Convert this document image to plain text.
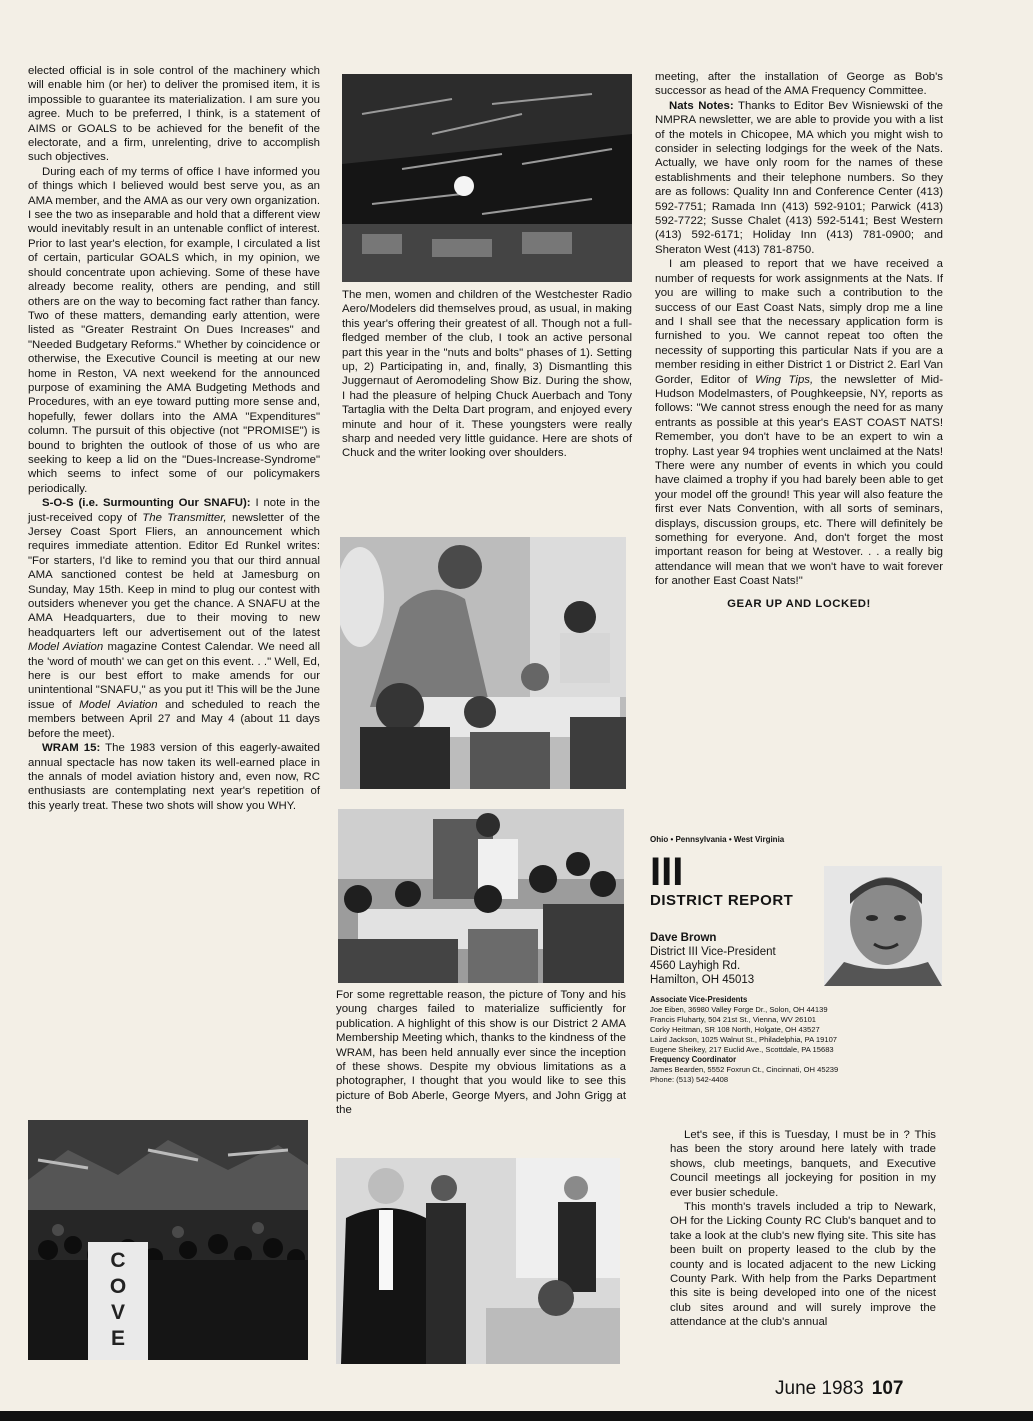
elected official is in sole control of the machinery which will enable him (or her) to deliver the promised item, it is impossible to guarantee its materialization. I am sure you agree. Much to be preferred, I think, is a statement of AIMS or GOALS to be achieved for the benefit of the electorate, and a firm, unrelenting, drive to accomplish such objectives.

During each of my terms of office I have informed you of things which I believed would best serve you, as an AMA member, and the AMA as our very own organization. I see the two as inseparable and hold that a different view would inevitably result in an untenable conflict of interest. Prior to last year's election, for example, I circulated a list of certain, particular GOALS which, in my opinion, we should concentrate upon achieving. Some of these have already become reality, others are pending, and still others are on the way to becoming fact rather than fancy. Two of these matters, demanding early attention, were listed as "Greater Restraint On Dues Increases" and "Needed Budgetary Reforms." Whether by coincidence or otherwise, the Executive Council is meeting at our new home in Reston, VA next weekend for the announced purpose of examining the AMA Budgeting Methods and Procedures, with an eye toward putting more sense and, hopefully, fewer dollars into the AMA "Expenditures" column. The pursuit of this objective (not "PROMISE") is bound to brighten the outlook of those of us who are seeking to keep a lid on the "Dues-Increase-Syndrome" which seems to infect some of our policymakers periodically.

S-O-S (i.e. Surmounting Our SNAFU): I note in the just-received copy of The Transmitter, newsletter of the Jersey Coast Sport Fliers, an announcement which requires immediate attention. Editor Ed Runkel writes: "For starters, I'd like to remind you that our third annual AMA sanctioned contest be held at Jamesburg on Sunday, May 15th. Keep in mind to plug our contest with outsiders whenever you get the chance. A SNAFU at the AMA Headquarters, due to their moving to new headquarters left our advertisement out of the latest Model Aviation magazine Contest Calendar. We need all the 'word of mouth' we can get on this event. . ." Well, Ed, here is our best effort to make amends for our unintentional "SNAFU," as you put it! This will be the June issue of Model Aviation and scheduled to reach the members between April 27 and May 4 (about 11 days before the meet).

WRAM 15: The 1983 version of this eagerly-awaited annual spectacle has now taken its well-earned place in the annals of model aviation history and, even now, RC enthusiasts are contemplating next year's repetition of this yearly treat. These two shots will show you WHY.

C
O
V
E
The men, women and children of the Westchester Radio Aero/Modelers did themselves proud, as usual, in making this year's offering their greatest of all. Though not a full-fledged member of the club, I took an active personal part this year in the "nuts and bolts" phases of 1). Setting up, 2) Participating in, and, finally, 3) Dismantling this Juggernaut of Aeromodeling Show Biz. During the show, I had the pleasure of helping Chuck Auerbach and Tony Tartaglia with the Delta Dart program, and enjoyed every minute and hour of it. These youngsters were really sharp and needed very little guidance. Here are shots of Chuck and the writer looking over shoulders.
For some regrettable reason, the picture of Tony and his young charges failed to materialize sufficiently for publication. A highlight of this show is our District 2 AMA Membership Meeting which, thanks to the kindness of the WRAM, has been held annually ever since the inception of these shows. Despite my obvious limitations as a photographer, I thought that you would like to see this picture of Bob Aberle, George Myers, and John Grigg at the

meeting, after the installation of George as Bob's successor as head of the AMA Frequency Committee.

Nats Notes: Thanks to Editor Bev Wisniewski of the NMPRA newsletter, we are able to provide you with a list of the motels in Chicopee, MA which you might wish to consider in selecting lodgings for the week of the Nats. Actually, we have only room for the names of these establishments and their telephone numbers. So they are as follows: Quality Inn and Conference Center (413) 592-7751; Ramada Inn (413) 592-9101; Parwick (413) 592-7722; Susse Chalet (413) 592-5141; Best Western (413) 592-6171; Holiday Inn (413) 781-0900; and Sheraton West (413) 781-8750.

I am pleased to report that we have received a number of requests for work assignments at the Nats. If you are willing to make such a contribution to the success of our East Coast Nats, simply drop me a line and I shall see that the necessary application form is furnished to you. We cannot repeat too often the necessity of supporting this particular Nats if you are a member residing in either District 1 or District 2. Earl Van Gorder, Editor of Wing Tips, the newsletter of Mid-Hudson Modelmasters, of Poughkeepsie, NY, reports as follows: "We cannot stress enough the need for as many entrants as possible at this year's EAST COAST NATS! Remember, you don't have to be an expert to win a trophy. Last year 94 trophies went unclaimed at the Nats! There were any number of events in which you could have claimed a trophy if you had barely been able to get your model off the ground! This year will also feature the first ever Nats Convention, with all sorts of seminars, displays, discussion groups, etc. There will definitely be something for everyone. And, don't forget the most important reason for being at Westover. . . a really big attendance will mean that we won't have to wait forever for another East Coast Nats!"

GEAR UP AND LOCKED!
Ohio • Pennsylvania • West Virginia
III
DISTRICT REPORT
Dave Brown
District III Vice-President
4560 Layhigh Rd.
Hamilton, OH 45013
Associate Vice-Presidents
Joe Eiben, 36980 Valley Forge Dr., Solon, OH 44139
Francis Fluharty, 504 21st St., Vienna, WV 26101
Corky Heitman, SR 108 North, Holgate, OH 43527
Laird Jackson, 1025 Walnut St., Philadelphia, PA 19107
Eugene Sheikey, 217 Euclid Ave., Scottdale, PA 15683
Frequency Coordinator
James Bearden, 5552 Foxrun Ct., Cincinnati, OH 45239
Phone: (513) 542-4408

Let's see, if this is Tuesday, I must be in ? This has been the story around here lately with trade shows, club meetings, banquets, and Executive Council meetings all jockeying for position in my ever busier schedule.

This month's travels included a trip to Newark, OH for the Licking County RC Club's banquet and to take a look at the club's new flying site. This site has been built on property leased to the club by the county and is located adjacent to the new Licking County Park. With help from the Parks Department this site is being developed into one of the nicest club sites around and will surely improve the attendance at the club's annual

June 1983 107
